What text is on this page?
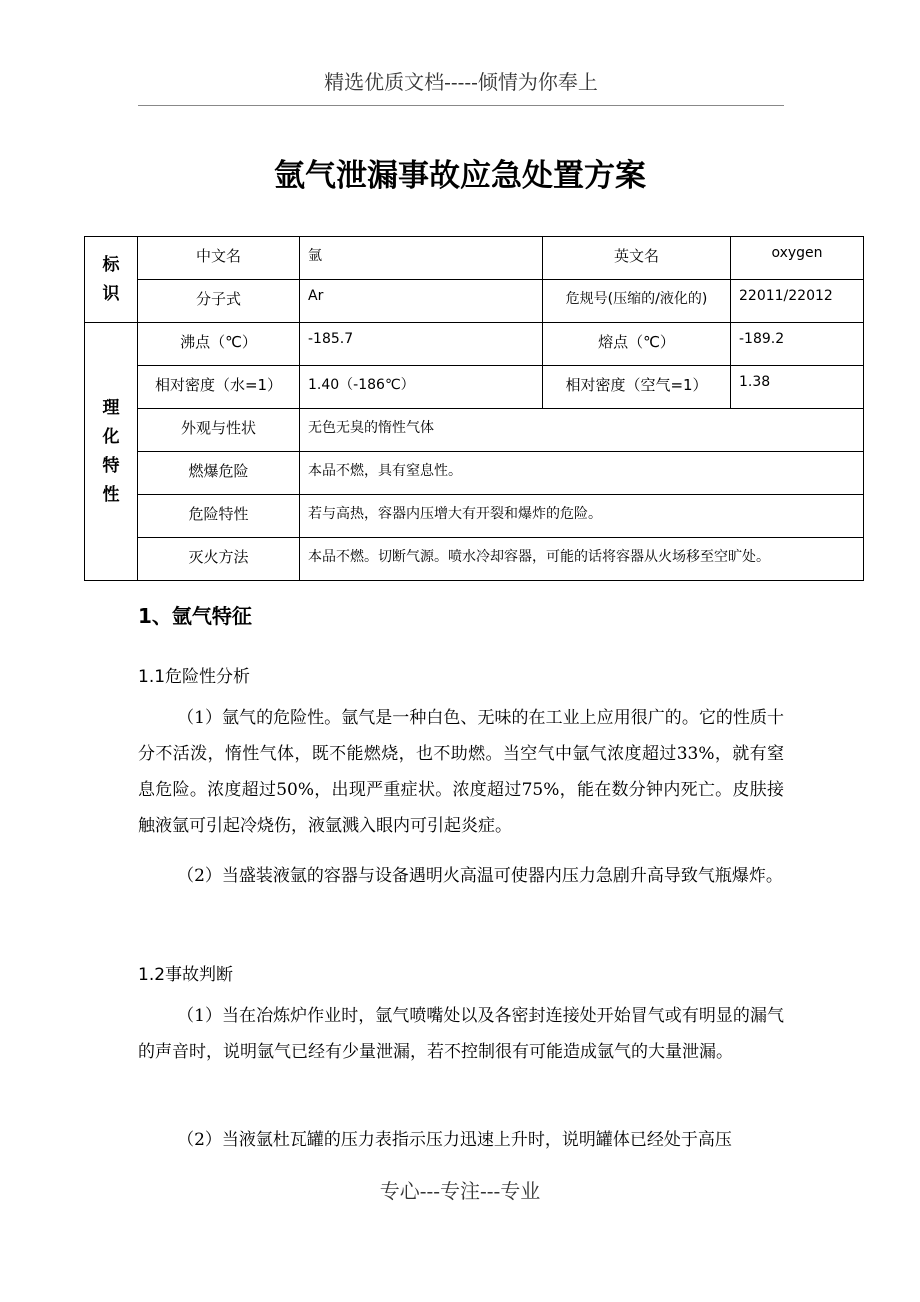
精选优质文档-----倾情为你奉上
氩气泄漏事故应急处置方案
标
识	中文名	氩	英文名	oxygen
	分子式	Ar	危规号(压缩的/液化的)	22011/22012

理
化
特
性	沸点（℃）	-185.7	熔点（℃）	-189.2
	相对密度（水=1）	1.40（-186℃）	相对密度（空气=1）	1.38
	外观与性状	无色无臭的惰性气体		
	燃爆危险	本品不燃，具有窒息性。		
	危险特性	若与高热，容器内压增大有开裂和爆炸的危险。		
	灭火方法	本品不燃。切断气源。喷水冷却容器，可能的话将容器从火场移至空旷处。		
1、氩气特征
1.1危险性分析

（1）氩气的危险性。氩气是一种白色、无味的在工业上应用很广的。它的性质十分不活泼，惰性气体，既不能燃烧，也不助燃。当空气中氩气浓度超过33%，就有窒息危险。浓度超过50%，出现严重症状。浓度超过75%，能在数分钟内死亡。皮肤接触液氩可引起冷烧伤，液氩溅入眼内可引起炎症。

（2）当盛装液氩的容器与设备遇明火高温可使器内压力急剧升高导致气瓶爆炸。

1.2事故判断

（1）当在冶炼炉作业时，氩气喷嘴处以及各密封连接处开始冒气或有明显的漏气的声音时，说明氩气已经有少量泄漏，若不控制很有可能造成氩气的大量泄漏。

（2）当液氩杜瓦罐的压力表指示压力迅速上升时，说明罐体已经处于高压

专心---专注---专业
